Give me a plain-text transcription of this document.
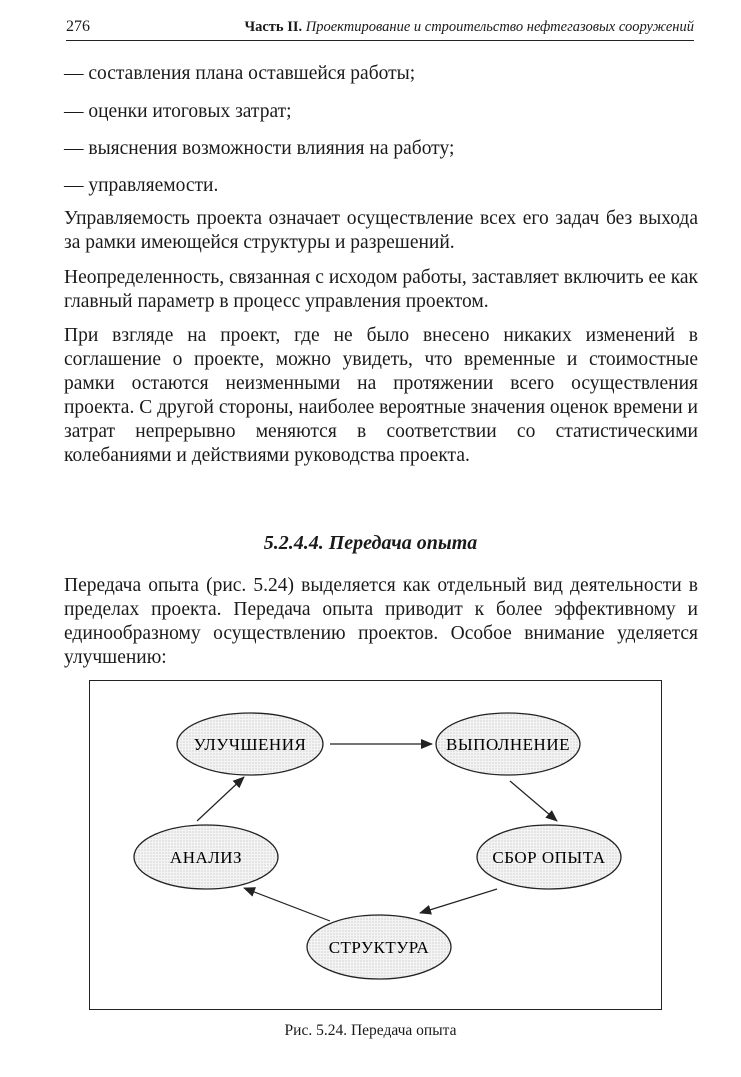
276	Часть II. Проектирование и строительство нефтегазовых сооружений
— составления плана оставшейся работы;
— оценки итоговых затрат;
— выяснения возможности влияния на работу;
— управляемости.

Управляемость проекта означает осуществление всех его задач без выхода за рамки имеющейся структуры и разрешений.

Неопределенность, связанная с исходом работы, заставляет включить ее как главный параметр в процесс управления проектом.

При взгляде на проект, где не было внесено никаких изменений в соглашение о проекте, можно увидеть, что временные и стоимостные рамки остаются неизменными на протяжении всего осуществления проекта. С другой стороны, наиболее вероятные значения оценок времени и затрат непрерывно меняются в соответствии со статистическими колебаниями и действиями руководства проекта.

5.2.4.4. Передача опыта

Передача опыта (рис. 5.24) выделяется как отдельный вид деятельности в пределах проекта. Передача опыта приводит к более эффективному и единообразному осуществлению проектов. Особое внимание уделяется улучшению:

УЛУЧШЕНИЯ	ВЫПОЛНЕНИЕ
СБОР ОПЫТА
СТРУКТУРА
АНАЛИЗ
Рис. 5.24. Передача опыта
